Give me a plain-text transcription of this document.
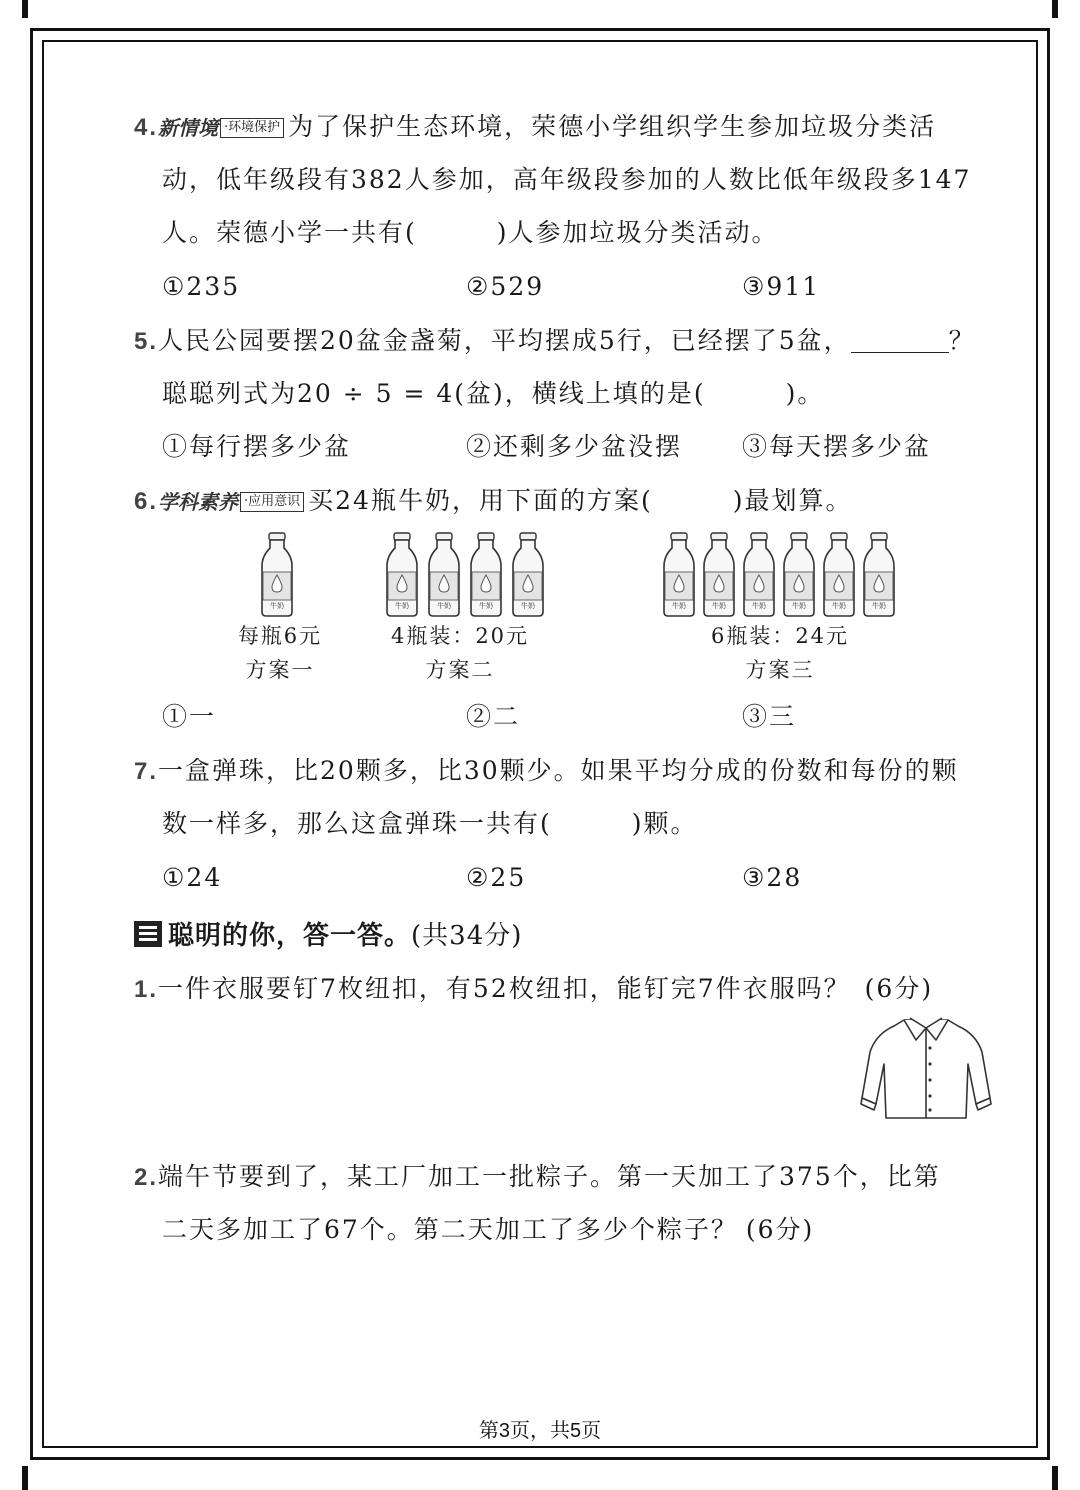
4.新情境 ·环境保护 为了保护生态环境，荣德小学组织学生参加垃圾分类活
动，低年级段有382人参加，高年级段参加的人数比低年级段多147
人。荣德小学一共有(	)人参加垃圾分类活动。
①235	②529	③911
5.人民公园要摆20盆金盏菊，平均摆成5行，已经摆了5盆，	？
聪聪列式为20 ÷ 5 = 4(盆)，横线上填的是(	)。
①每行摆多少盆	②还剩多少盆没摆 ③每天摆多少盆
6.学科素养 ·应用意识 买24瓶牛奶，用下面的方案(	)最划算。
牛奶
每瓶6元
方案一
4瓶装：20元
方案二
6瓶装：24元
方案三
①一	②二	③三
7.一盒弹珠，比20颗多，比30颗少。如果平均分成的份数和每份的颗
数一样多，那么这盒弹珠一共有(	)颗。
①24	②25	③28
聪明的你，答一答。(共34分)
1.一件衣服要钉7枚纽扣，有52枚纽扣，能钉完7件衣服吗？ (6分)
2.端午节要到了，某工厂加工一批粽子。第一天加工了375个，比第
二天多加工了67个。第二天加工了多少个粽子？ (6分)
第3页，共5页
